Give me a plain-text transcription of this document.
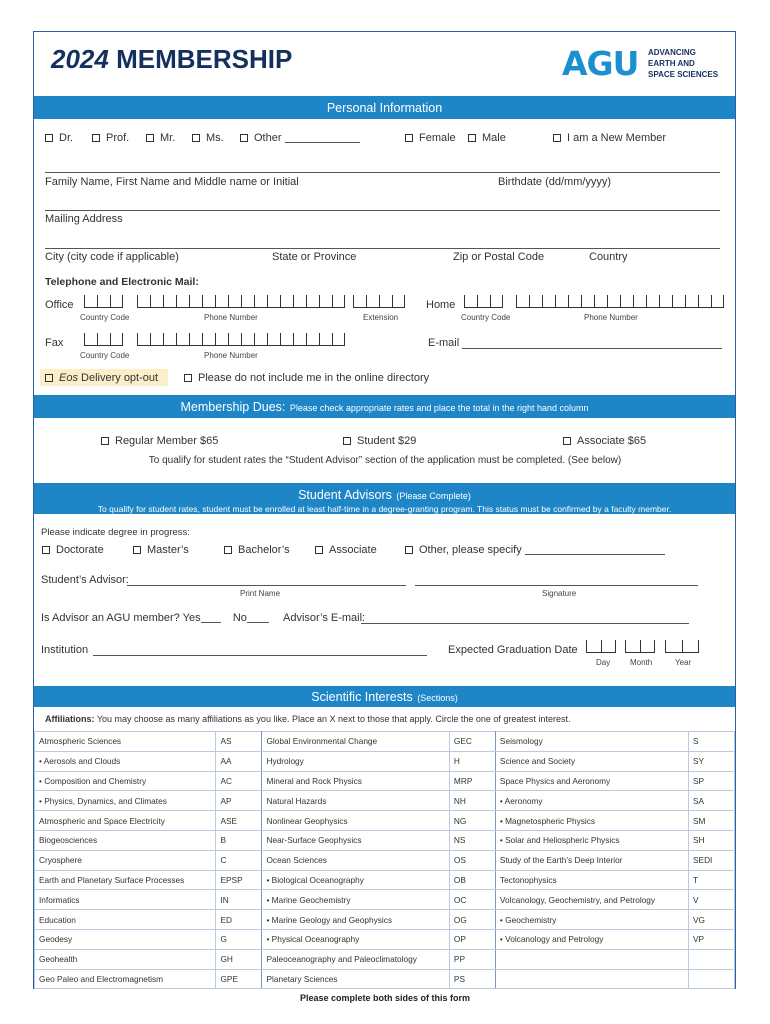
2024 MEMBERSHIP	AGU ADVANCING
EARTH AND
SPACE SCIENCES
Personal Information
Dr.	Prof.	Mr.	Ms.	Other	Female	Male	I am a New Member
Family Name, First Name and Middle name or Initial	Birthdate (dd/mm/yyyy)
Mailing Address
City (city code if applicable)	State or Province	Zip or Postal Code	Country
Telephone and Electronic Mail:
Office
Country Code	Phone Number	Extension
Home
Country Code	Phone Number
Fax
Country Code	Phone Number
E-mail
Eos Delivery opt-out	Please do not include me in the online directory
Membership Dues: Please check appropriate rates and place the total in the right hand column
Regular Member $65	Student $29	Associate $65
To qualify for student rates the “Student Advisor” section of the application must be completed. (See below)
Student Advisors (Please Complete)
To qualify for student rates, student must be enrolled at least half-time in a degree-granting program. This status must be confirmed by a faculty member.
Please indicate degree in progress:
Doctorate	Master’s	Bachelor’s	Associate	Other, please specify
Student’s Advisor:
Print Name	Signature
Is Advisor an AGU member? Yes	No	Advisor’s E-mail:
Institution	Expected Graduation Date
Day Month	Year
Scientific Interests (Sections)
Affiliations: You may choose as many affiliations as you like. Place an X next to those that apply. Circle the one of greatest interest.
Atmospheric Sciences	AS	Global Environmental Change	GEC	Seismology	S
• Aerosols and Clouds	AA	Hydrology	H	Science and Society	SY
• Composition and Chemistry	AC	Mineral and Rock Physics	MRP	Space Physics and Aeronomy	SP
• Physics, Dynamics, and Climates	AP	Natural Hazards	NH	• Aeronomy	SA
Atmospheric and Space Electricity	ASE	Nonlinear Geophysics	NG	• Magnetospheric Physics	SM
Biogeosciences	B	Near-Surface Geophysics	NS	• Solar and Heliospheric Physics	SH
Cryosphere	C	Ocean Sciences	OS	Study of the Earth’s Deep Interior	SEDI
Earth and Planetary Surface Processes	EPSP	• Biological Oceanography	OB	Tectonophysics	T
Informatics	IN	• Marine Geochemistry	OC	Volcanology, Geochemistry, and Petrology	V
Education	ED	• Marine Geology and Geophysics	OG	• Geochemistry	VG
Geodesy	G	• Physical Oceanography	OP	• Volcanology and Petrology	VP
Geohealth	GH	Paleoceanography and Paleoclimatology	PP		
Geo Paleo and Electromagnetism	GPE	Planetary Sciences	PS		
Please complete both sides of this form
